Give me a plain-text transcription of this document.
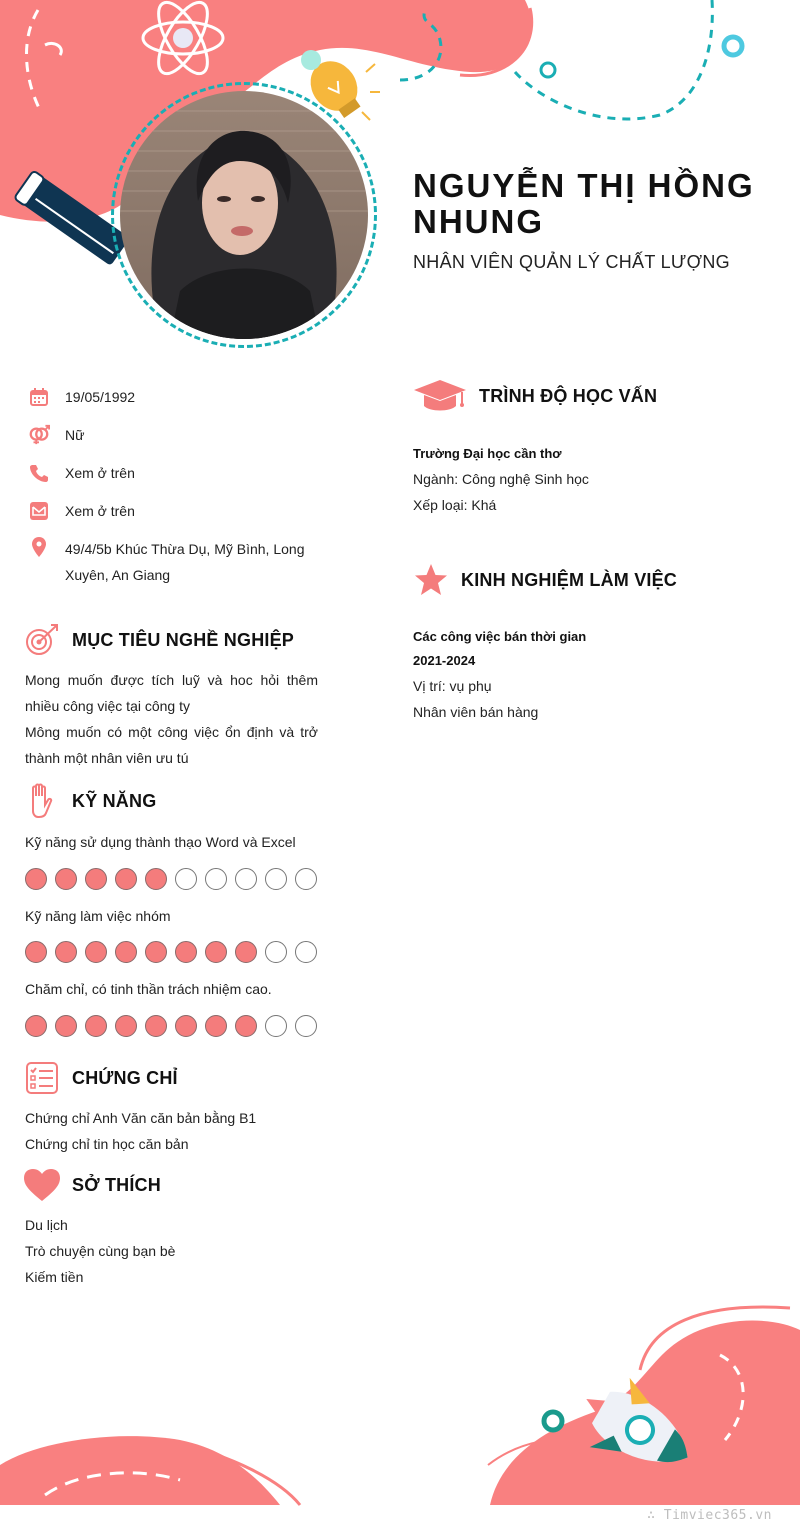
NGUYỄN THỊ HỒNG
NHUNG
NHÂN VIÊN QUẢN LÝ CHẤT LƯỢNG
19/05/1992
Nữ
Xem ở trên
Xem ở trên
49/4/5b Khúc Thừa Dụ, Mỹ Bình, Long Xuyên, An Giang
MỤC TIÊU NGHỀ NGHIỆP
Mong muốn được tích luỹ và hoc hỏi thêm nhiều công việc tại công ty
Mông muốn có một công việc ổn định và trở thành một nhân viên ưu tú
KỸ NĂNG
Kỹ năng sử dụng thành thạo Word và Excel
Kỹ năng làm việc nhóm
Chăm chỉ, có tinh thần trách nhiệm cao.
CHỨNG CHỈ
Chứng chỉ Anh Văn căn bản bằng B1
Chứng chỉ tin học căn bản
SỞ THÍCH
Du lịch
Trò chuyện cùng bạn bè
Kiếm tiền
TRÌNH ĐỘ HỌC VẤN
Trường Đại học cần thơ
Ngành: Công nghệ Sinh học
Xếp loại: Khá
KINH NGHIỆM LÀM VIỆC
Các công việc bán thời gian
2021-2024
Vị trí: vụ phụ
Nhân viên bán hàng
∴ Timviec365.vn
